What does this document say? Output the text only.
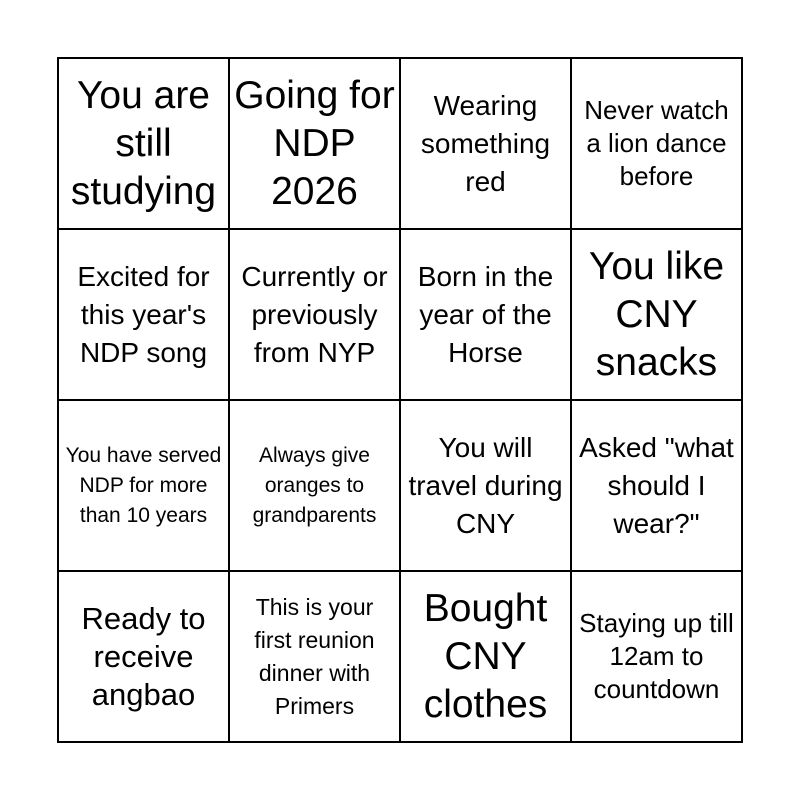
You are still studying
Going for NDP 2026
Wearing something red
Never watch a lion dance before
Excited for this year's NDP song
Currently or previously from NYP
Born in the year of the Horse
You like CNY snacks
You have served NDP for more than 10 years
Always give oranges to grandparents
You will travel during CNY
Asked "what should I wear?"
Ready to receive angbao
This is your first reunion dinner with Primers
Bought CNY clothes
Staying up till 12am to countdown
